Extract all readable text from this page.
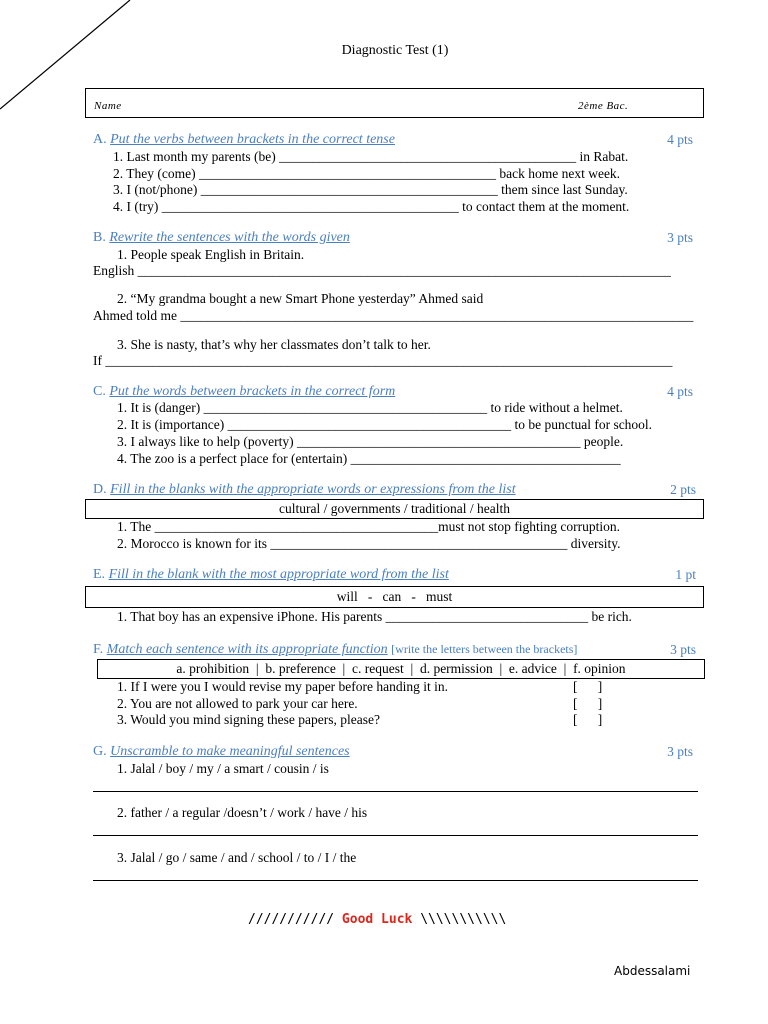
Diagnostic Test (1)
Name	2ème Bac.
A. Put the verbs between brackets in the correct tense	4 pts
1. Last month my parents (be) ____________________________________________ in Rabat.
2. They (come) ____________________________________________ back home next week.
3. I (not/phone) ____________________________________________ them since last Sunday.
4. I (try) ____________________________________________ to contact them at the moment.
B. Rewrite the sentences with the words given	3 pts
1. People speak English in Britain.
English _______________________________________________________________________________
2. “My grandma bought a new Smart Phone yesterday” Ahmed said
Ahmed told me ____________________________________________________________________________
3. She is nasty, that’s why her classmates don’t talk to her.
If ____________________________________________________________________________________
C. Put the words between brackets in the correct form	4 pts
1. It is (danger) __________________________________________ to ride without a helmet.
2. It is (importance) __________________________________________ to be punctual for school.
3. I always like to help (poverty) __________________________________________ people.
4. The zoo is a perfect place for (entertain) ________________________________________
D. Fill in the blanks with the appropriate words or expressions from the list	2 pts
cultural / governments / traditional / health
1. The __________________________________________must not stop fighting corruption.
2. Morocco is known for its ____________________________________________ diversity.
E. Fill in the blank with the most appropriate word from the list	1 pt
will   -   can   -   must
1. That boy has an expensive iPhone. His parents ______________________________ be rich.
F. Match each sentence with its appropriate function [write the letters between the brackets]	3 pts
a. prohibition  |  b. preference  |  c. request  |  d. permission  |  e. advice  |  f. opinion
1. If I were you I would revise my paper before handing it in.	[      ]
2. You are not allowed to park your car here.	[      ]
3. Would you mind signing these papers, please?	[      ]
G. Unscramble to make meaningful sentences	3 pts
1. Jalal / boy / my / a smart / cousin / is
2. father / a regular /doesn’t / work / have / his
3. Jalal / go / same / and / school / to / I / the
/////////// Good Luck \\\\\\\\\\\
Abdessalami
